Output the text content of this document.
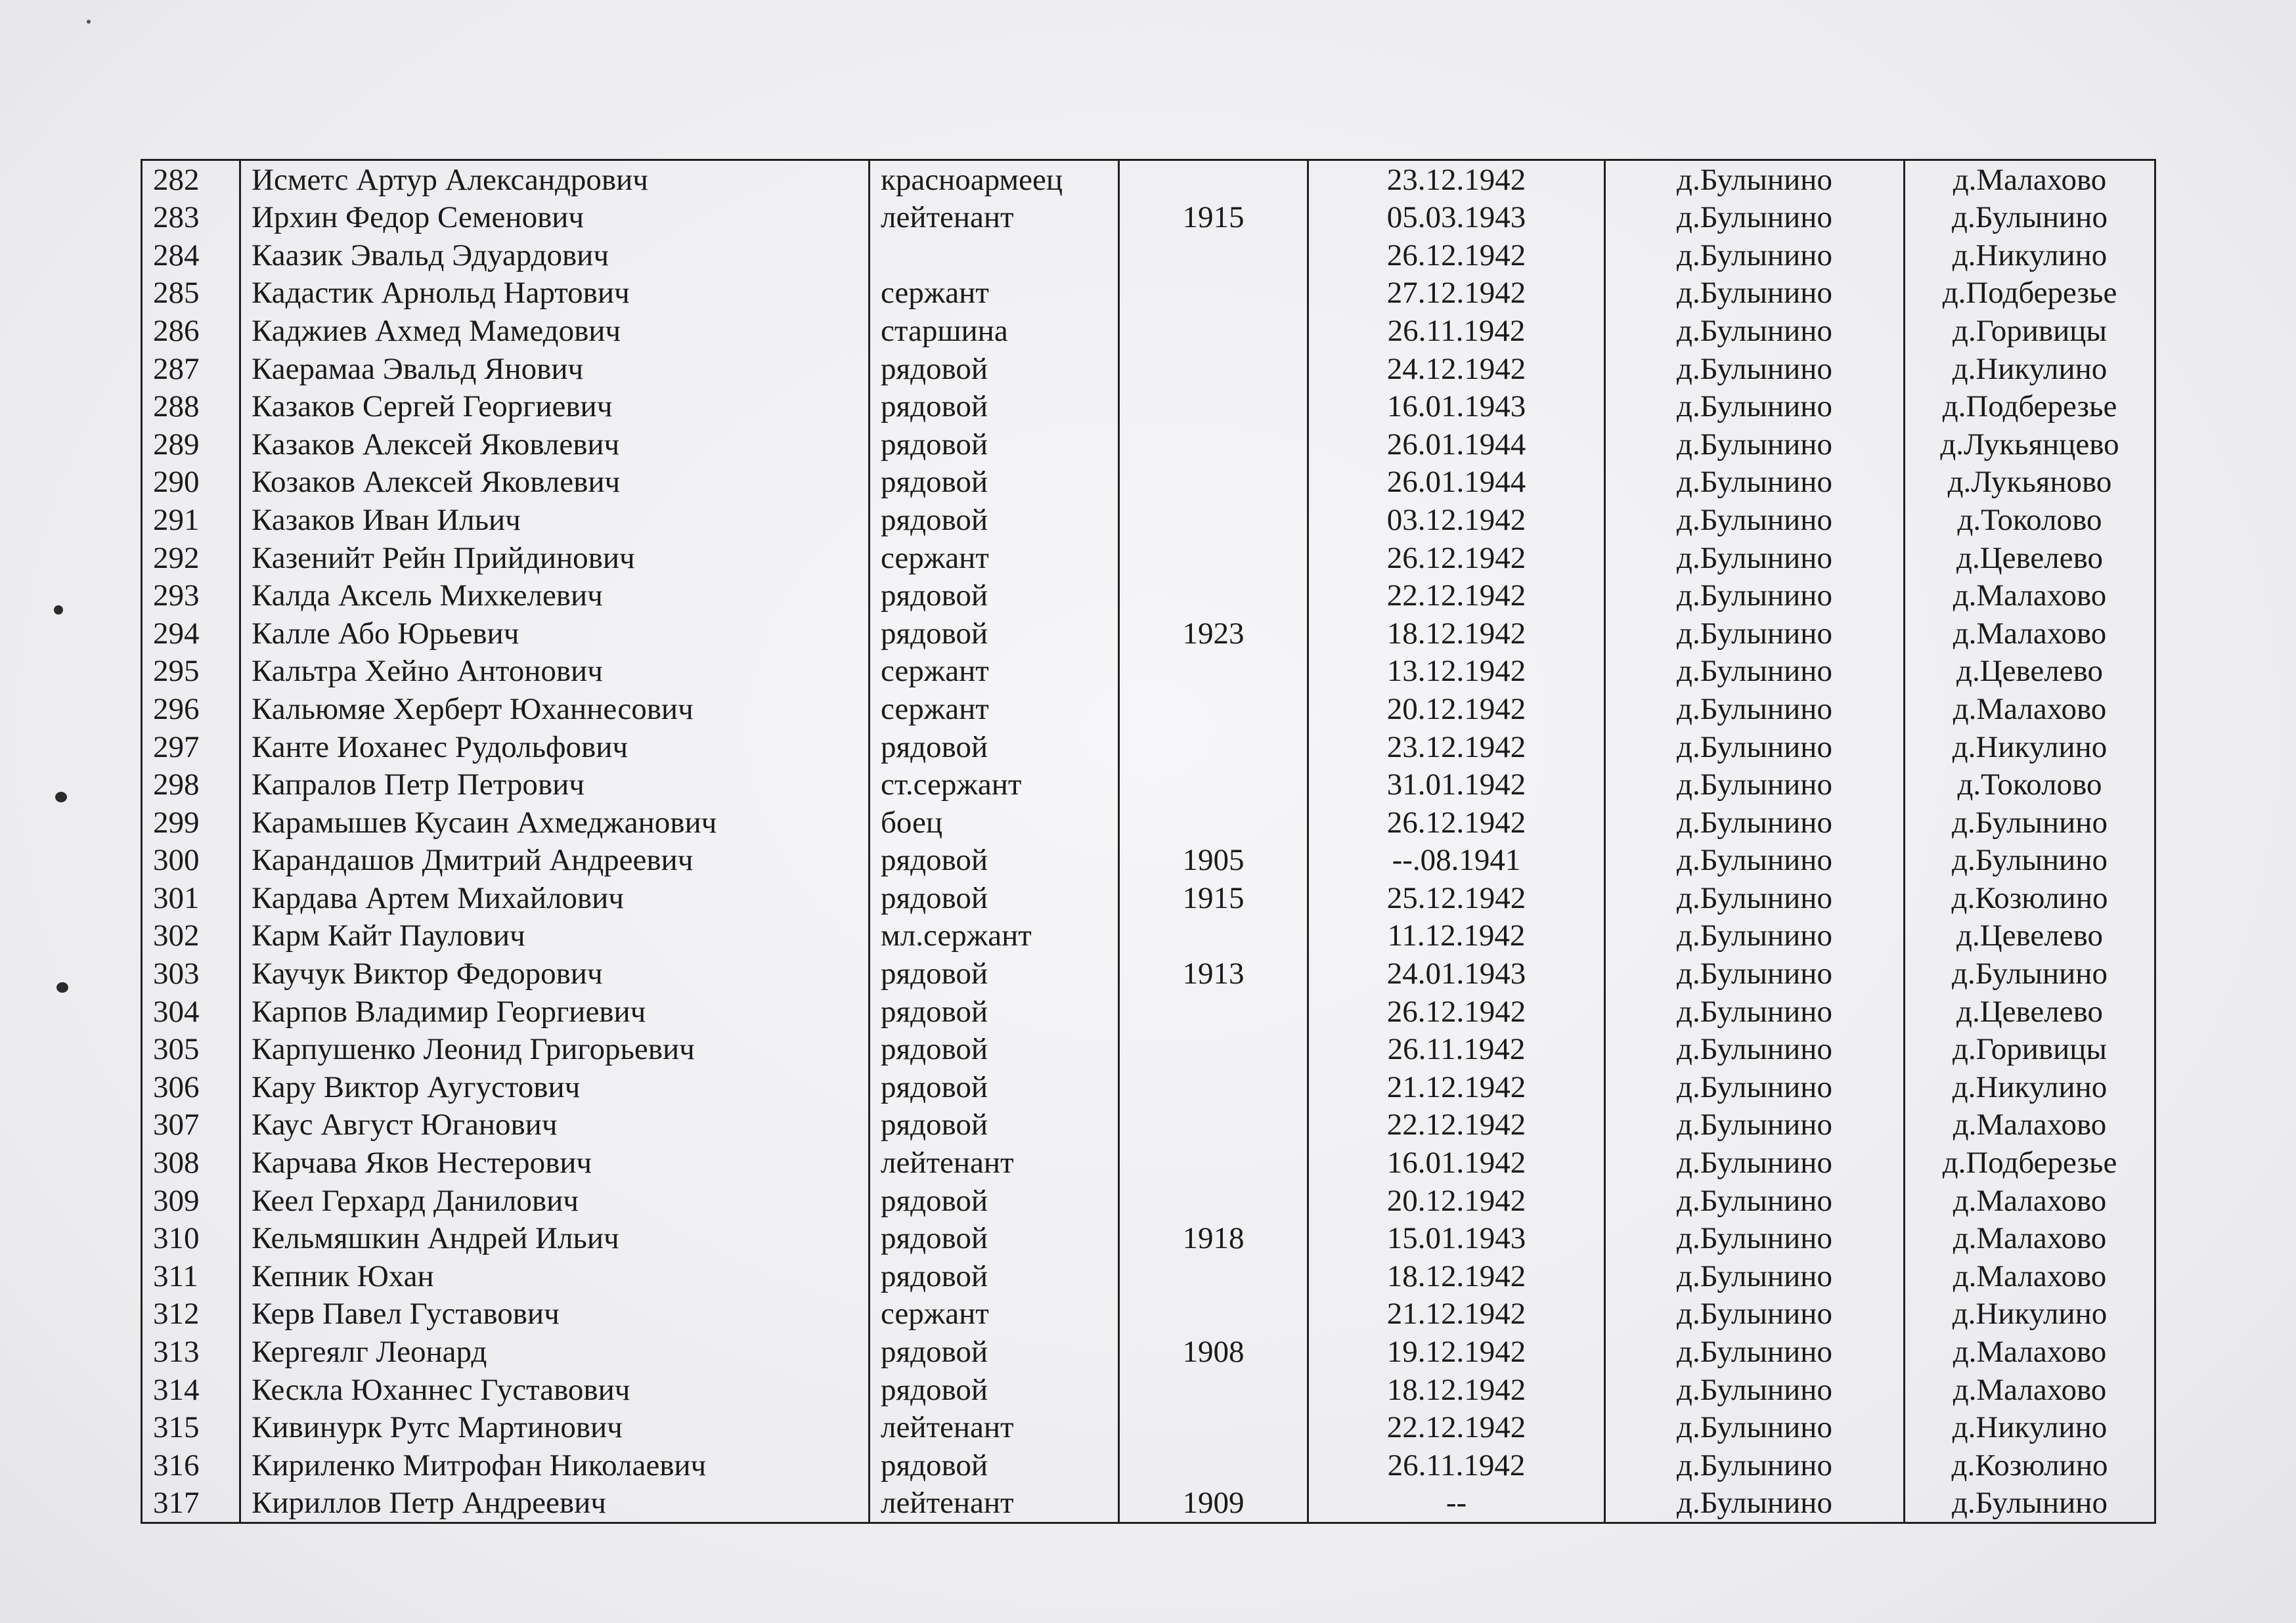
282	Исметс Артур Александрович	красноармеец		23.12.1942	д.Булынино	д.Малахово
283	Ирхин Федор Семенович	лейтенант	1915	05.03.1943	д.Булынино	д.Булынино
284	Каазик Эвальд Эдуардович			26.12.1942	д.Булынино	д.Никулино
285	Кадастик Арнольд Нартович	сержант		27.12.1942	д.Булынино	д.Подберезье
286	Каджиев Ахмед Мамедович	старшина		26.11.1942	д.Булынино	д.Горивицы
287	Каерамаа Эвальд Янович	рядовой		24.12.1942	д.Булынино	д.Никулино
288	Казаков Сергей Георгиевич	рядовой		16.01.1943	д.Булынино	д.Подберезье
289	Казаков Алексей Яковлевич	рядовой		26.01.1944	д.Булынино	д.Лукьянцево
290	Козаков Алексей Яковлевич	рядовой		26.01.1944	д.Булынино	д.Лукьяново
291	Казаков Иван Ильич	рядовой		03.12.1942	д.Булынино	д.Токолово
292	Казенийт Рейн Прийдинович	сержант		26.12.1942	д.Булынино	д.Цевелево
293	Калда Аксель Михкелевич	рядовой		22.12.1942	д.Булынино	д.Малахово
294	Калле Або Юрьевич	рядовой	1923	18.12.1942	д.Булынино	д.Малахово
295	Кальтра Хейно Антонович	сержант		13.12.1942	д.Булынино	д.Цевелево
296	Кальюмяе Херберт Юханнесович	сержант		20.12.1942	д.Булынино	д.Малахово
297	Канте Иоханес Рудольфович	рядовой		23.12.1942	д.Булынино	д.Никулино
298	Капралов Петр Петрович	ст.сержант		31.01.1942	д.Булынино	д.Токолово
299	Карамышев Кусаин Ахмеджанович	боец		26.12.1942	д.Булынино	д.Булынино
300	Карандашов Дмитрий Андреевич	рядовой	1905	--.08.1941	д.Булынино	д.Булынино
301	Кардава Артем Михайлович	рядовой	1915	25.12.1942	д.Булынино	д.Козюлино
302	Карм Кайт Паулович	мл.сержант		11.12.1942	д.Булынино	д.Цевелево
303	Каучук Виктор Федорович	рядовой	1913	24.01.1943	д.Булынино	д.Булынино
304	Карпов Владимир Георгиевич	рядовой		26.12.1942	д.Булынино	д.Цевелево
305	Карпушенко Леонид Григорьевич	рядовой		26.11.1942	д.Булынино	д.Горивицы
306	Кару Виктор Аугустович	рядовой		21.12.1942	д.Булынино	д.Никулино
307	Каус Август Юганович	рядовой		22.12.1942	д.Булынино	д.Малахово
308	Карчава Яков Нестерович	лейтенант		16.01.1942	д.Булынино	д.Подберезье
309	Кеел Герхард Данилович	рядовой		20.12.1942	д.Булынино	д.Малахово
310	Кельмяшкин Андрей Ильич	рядовой	1918	15.01.1943	д.Булынино	д.Малахово
311	Кепник Юхан	рядовой		18.12.1942	д.Булынино	д.Малахово
312	Керв Павел Густавович	сержант		21.12.1942	д.Булынино	д.Никулино
313	Кергеялг Леонард	рядовой	1908	19.12.1942	д.Булынино	д.Малахово
314	Кескла Юханнес Густавович	рядовой		18.12.1942	д.Булынино	д.Малахово
315	Кивинурк Рутс Мартинович	лейтенант		22.12.1942	д.Булынино	д.Никулино
316	Кириленко Митрофан Николаевич	рядовой		26.11.1942	д.Булынино	д.Козюлино
317	Кириллов Петр Андреевич	лейтенант	1909	--	д.Булынино	д.Булынино
